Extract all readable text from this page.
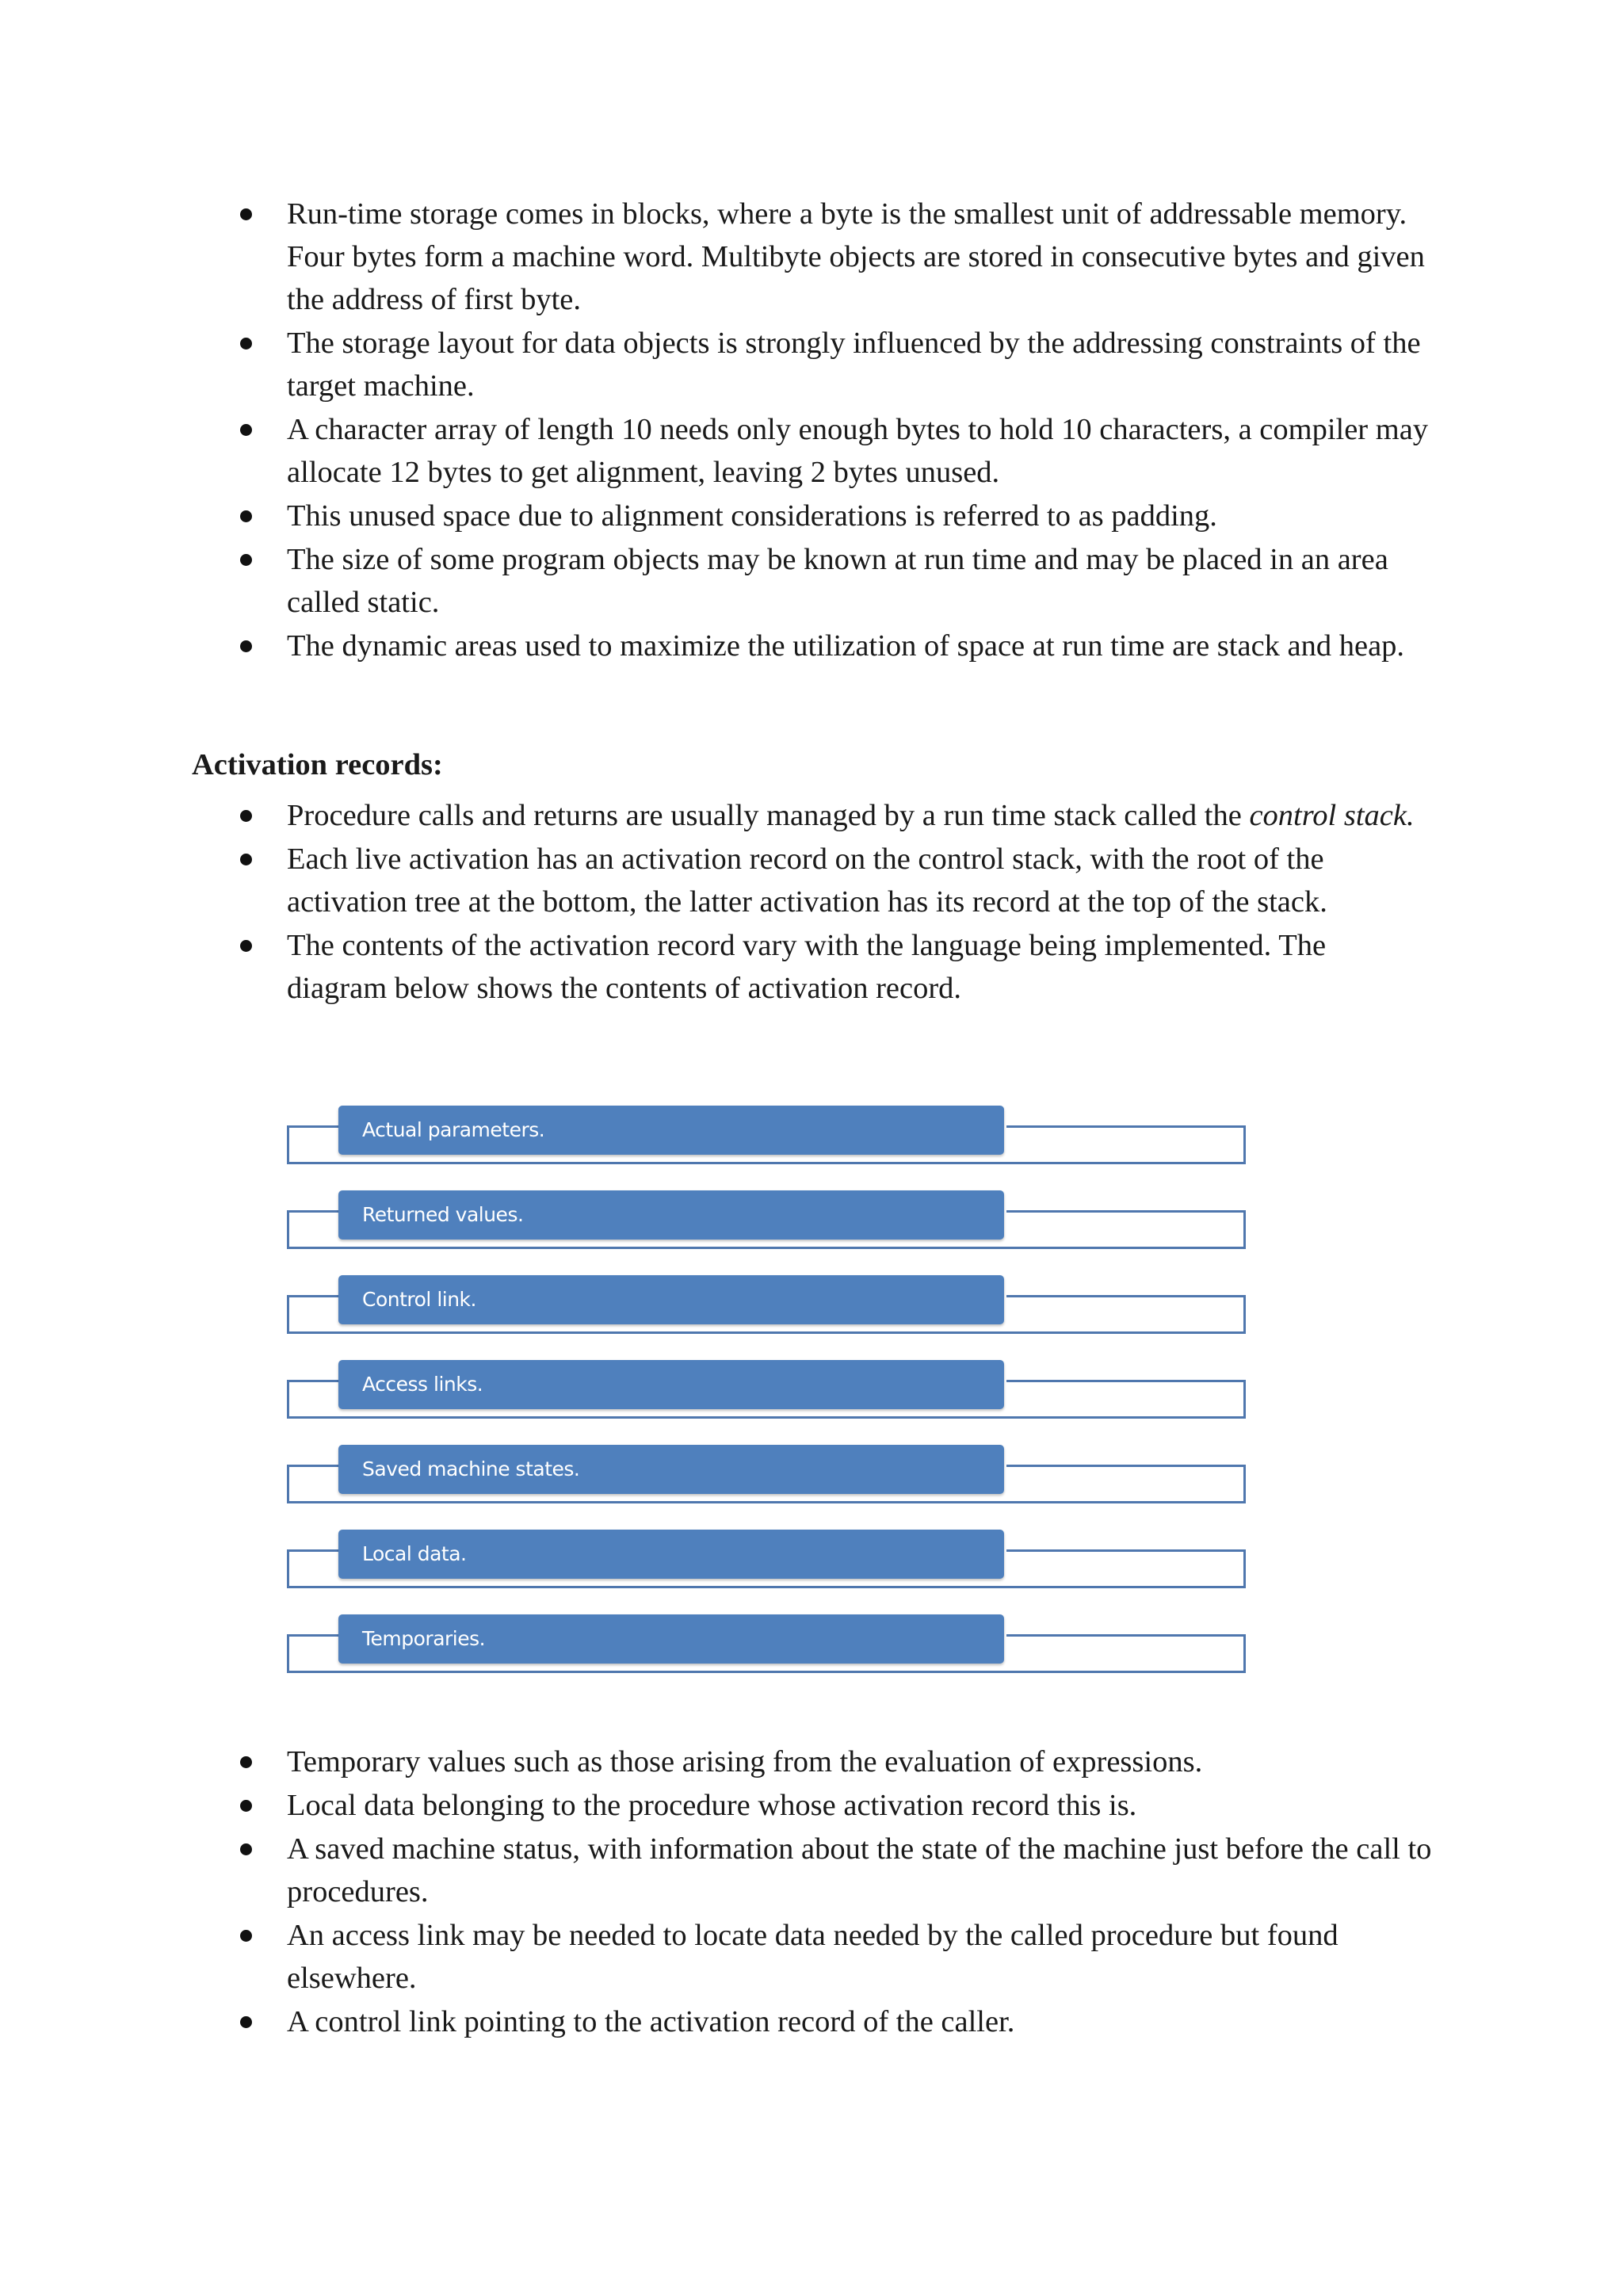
Run-time storage comes in blocks, where a byte is the smallest unit of addressable memory. Four bytes form a machine word. Multibyte objects are stored in consecutive bytes and given the address of first byte.
The storage layout for data objects is strongly influenced by the addressing constraints of the target machine.
A character array of length 10 needs only enough bytes to hold 10 characters, a compiler may allocate 12 bytes to get alignment, leaving 2 bytes unused.
This unused space due to alignment considerations is referred to as padding.
The size of some program objects may be known at run time and may be placed in an area called static.
The dynamic areas used to maximize the utilization of space at run time are stack and heap.
Activation records:
Procedure calls and returns are usually managed by a run time stack called the control stack.
Each live activation has an activation record on the control stack, with the root of the activation tree at the bottom, the latter activation has its record at the top of the stack.
The contents of the activation record vary with the language being implemented. The diagram below shows the contents of activation record.
Actual parameters.
Returned values.
Control link.
Access links.
Saved machine states.
Local data.
Temporaries.
Temporary values such as those arising from the evaluation of expressions.
Local data belonging to the procedure whose activation record this is.
A saved machine status, with information about the state of the machine just before the call to procedures.
An access link may be needed to locate data needed by the called procedure but found elsewhere.
A control link pointing to the activation record of the caller.
